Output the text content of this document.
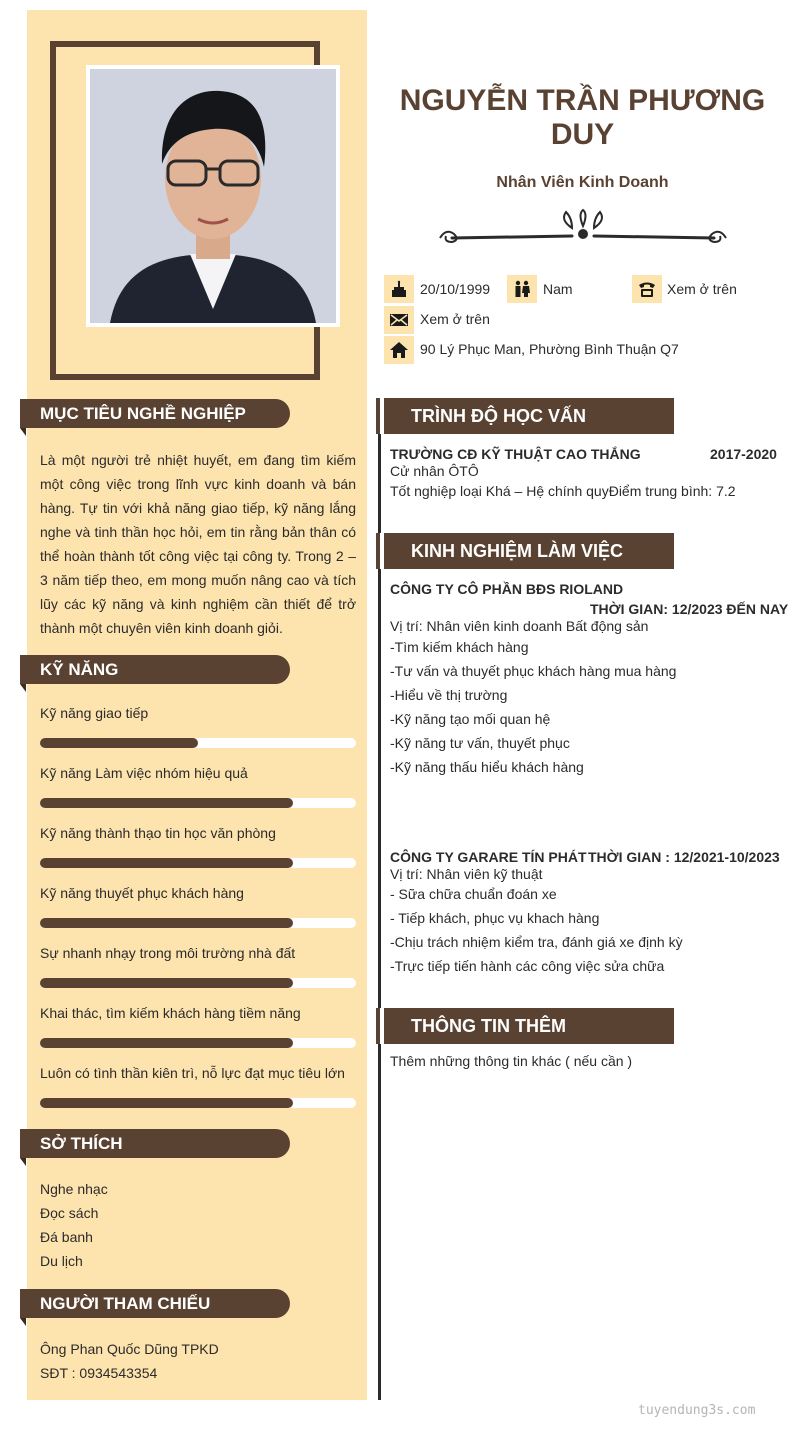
MỤC TIÊU NGHỀ NGHIỆP
Là một người trẻ nhiệt huyết, em đang tìm kiếm một công việc trong lĩnh vực kinh doanh và bán hàng. Tự tin với khả năng giao tiếp, kỹ năng lắng nghe và tinh thần học hỏi, em tin rằng bản thân có thể hoàn thành tốt công việc tại công ty. Trong 2 – 3 năm tiếp theo, em mong muốn nâng cao và tích lũy các kỹ năng và kinh nghiệm cần thiết để trở thành một chuyên viên kinh doanh giỏi.
KỸ NĂNG
Kỹ năng giao tiếp
Kỹ năng Làm việc nhóm hiệu quả
Kỹ năng thành thạo tin học văn phòng
Kỹ năng thuyết phục khách hàng
Sự nhanh nhạy trong môi trường nhà đất
Khai thác, tìm kiếm khách hàng tiềm năng
Luôn có tình thần kiên trì, nỗ lực đạt mục tiêu lớn
SỞ THÍCH
Nghe nhạc
Đọc sách
Đá banh
Du lịch
NGƯỜI THAM CHIẾU
Ông Phan Quốc Dũng TPKD
SĐT : 0934543354
NGUYỄN TRẦN PHƯƠNG DUY
Nhân Viên Kinh Doanh
20/10/1999	Nam	Xem ở trên
Xem ở trên
90 Lý Phục Man, Phường Bình Thuận Q7
TRÌNH ĐỘ HỌC VẤN
TRƯỜNG CĐ KỸ THUẬT CAO THẮNG	2017-2020
Cử nhân ÔTÔ
Tốt nghiệp loại Khá – Hệ chính quyĐiểm trung bình: 7.2
KINH NGHIỆM LÀM VIỆC
CÔNG TY CÔ PHẦN BĐS RIOLAND
THỜI GIAN: 12/2023 ĐẾN NAY
Vị trí: Nhân viên kinh doanh Bất động sản
-Tìm kiếm khách hàng
-Tư vấn và thuyết phục khách hàng mua hàng
-Hiểu về thị trường
-Kỹ năng tạo mối quan hệ
-Kỹ năng tư vấn, thuyết phục
-Kỹ năng thấu hiểu khách hàng
CÔNG TY GARARE TÍN PHÁT THỜI GIAN : 12/2021-10/2023
Vị trí: Nhân viên kỹ thuật
- Sữa chữa chuẩn đoán xe
- Tiếp khách, phục vụ khach hàng
-Chịu trách nhiệm kiểm tra, đánh giá xe định kỳ
-Trực tiếp tiến hành các công việc sửa chữa
THÔNG TIN THÊM
Thêm những thông tin khác ( nếu cần )
tuyendung3s.com
